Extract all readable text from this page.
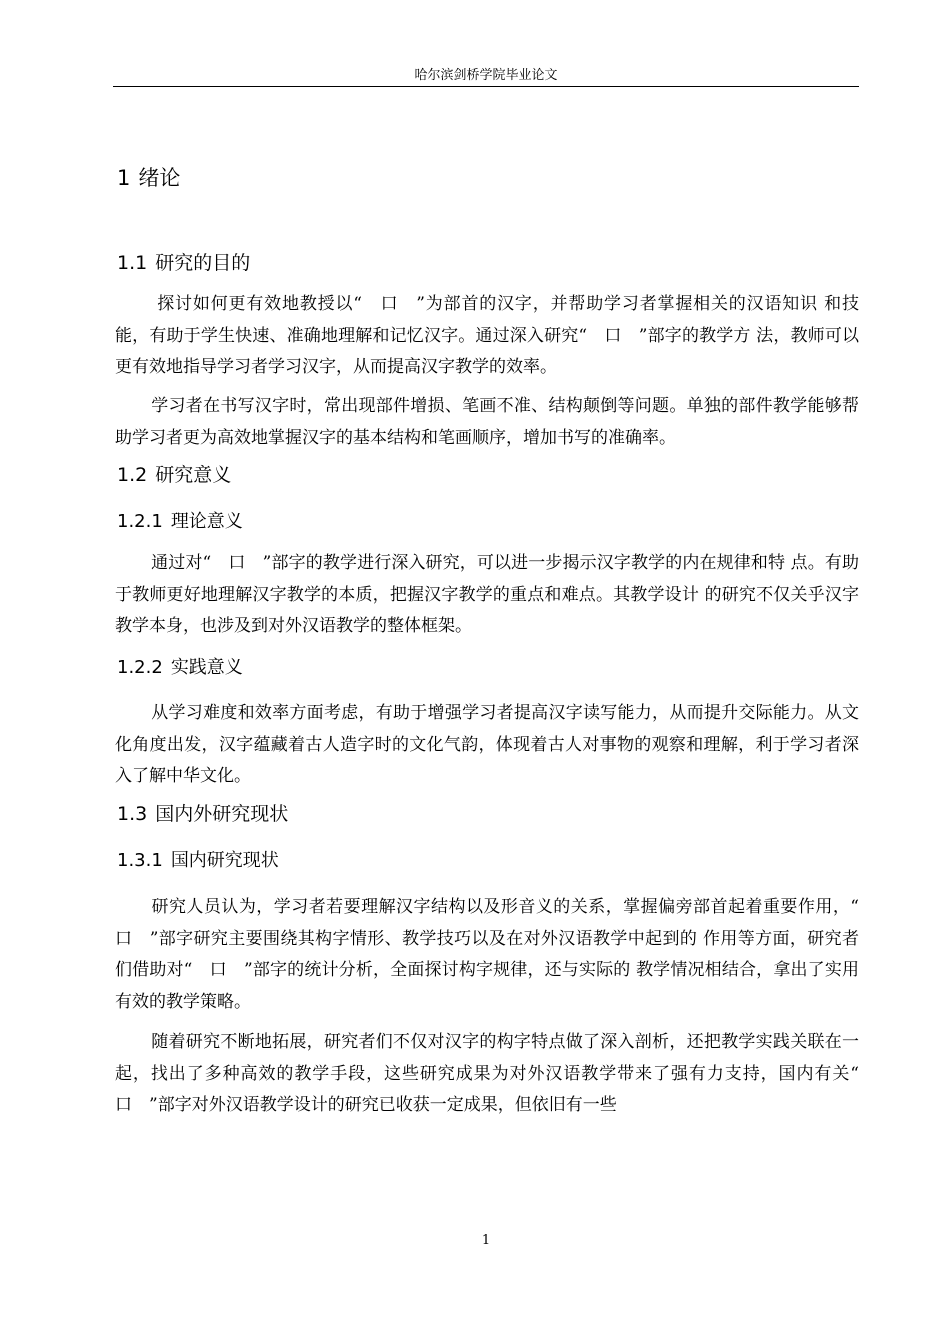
哈尔滨剑桥学院毕业论文
1 绪论
1.1 研究的目的
探讨如何更有效地教授以“　口　”为部首的汉字，并帮助学习者掌握相关的汉语知识 和技能，有助于学生快速、准确地理解和记忆汉字。通过深入研究“　口　”部字的教学方 法，教师可以更有效地指导学习者学习汉字，从而提高汉字教学的效率。
学习者在书写汉字时，常出现部件增损、笔画不准、结构颠倒等问题。单独的部件教学能够帮助学习者更为高效地掌握汉字的基本结构和笔画顺序，增加书写的准确率。
1.2 研究意义
1.2.1 理论意义
通过对“　口　”部字的教学进行深入研究，可以进一步揭示汉字教学的内在规律和特 点。有助于教师更好地理解汉字教学的本质，把握汉字教学的重点和难点。其教学设计 的研究不仅关乎汉字教学本身，也涉及到对外汉语教学的整体框架。
1.2.2 实践意义
从学习难度和效率方面考虑，有助于增强学习者提高汉字读写能力，从而提升交际能力。从文化角度出发，汉字蕴藏着古人造字时的文化气韵，体现着古人对事物的观察和理解，利于学习者深入了解中华文化。
1.3 国内外研究现状
1.3.1 国内研究现状
研究人员认为，学习者若要理解汉字结构以及形音义的关系，掌握偏旁部首起着重要作用，“　口　”部字研究主要围绕其构字情形、教学技巧以及在对外汉语教学中起到的 作用等方面，研究者们借助对“　口　”部字的统计分析，全面探讨构字规律，还与实际的 教学情况相结合，拿出了实用有效的教学策略。
随着研究不断地拓展，研究者们不仅对汉字的构字特点做了深入剖析，还把教学实践关联在一起，找出了多种高效的教学手段，这些研究成果为对外汉语教学带来了强有力支持，国内有关“　口　”部字对外汉语教学设计的研究已收获一定成果，但依旧有一些
1
